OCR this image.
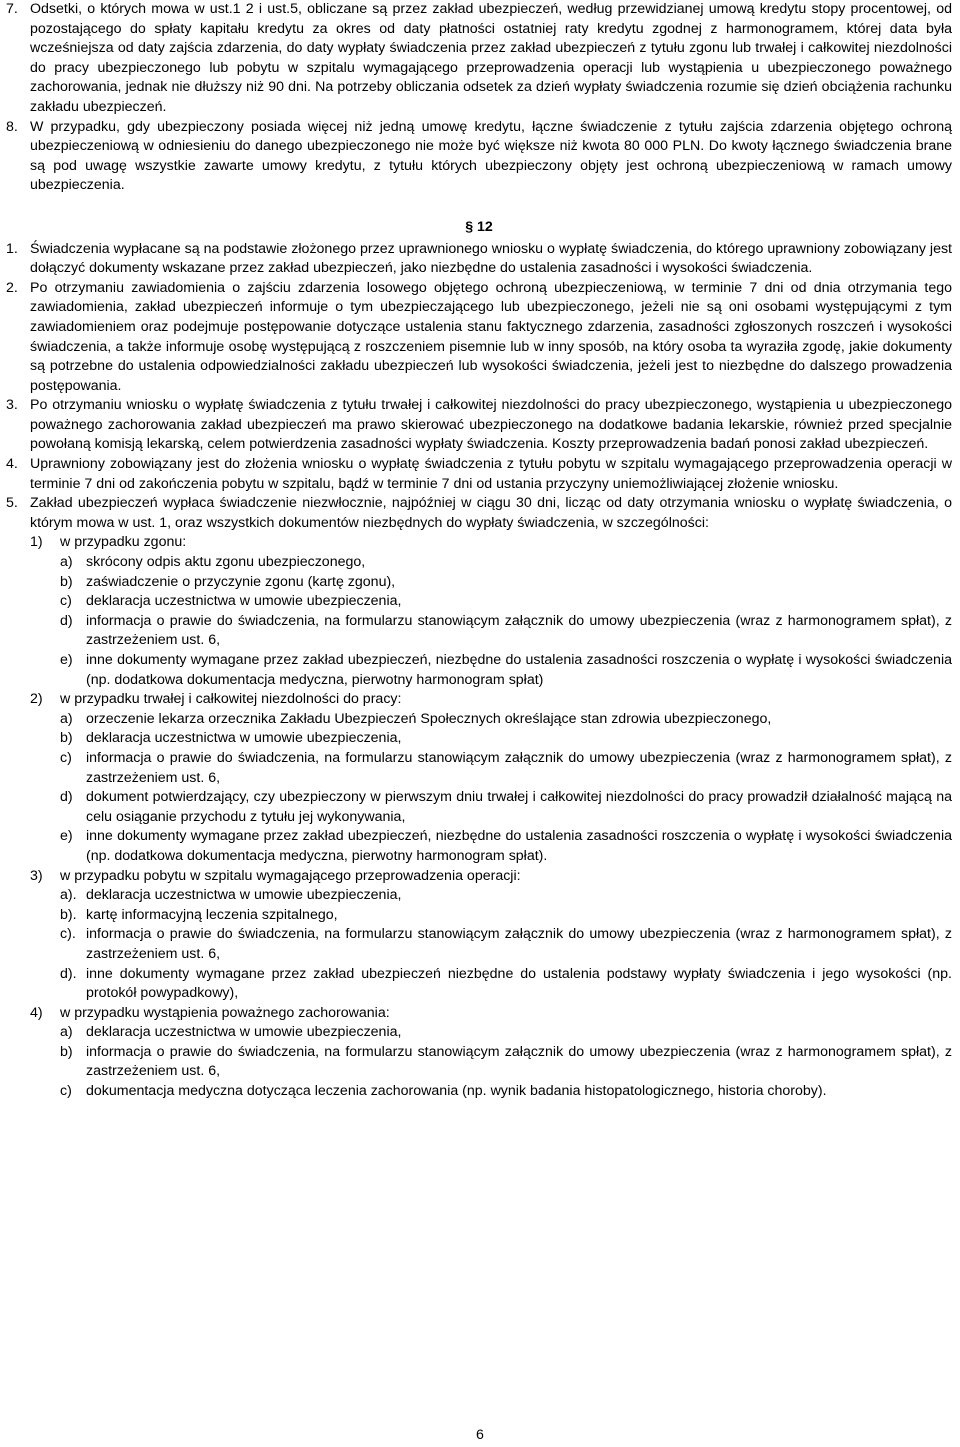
7. Odsetki, o których mowa w ust.1 2 i ust.5, obliczane są przez zakład ubezpieczeń, według przewidzianej umową kredytu stopy procentowej, od pozostającego do spłaty kapitału kredytu za okres od daty płatności ostatniej raty kredytu zgodnej z harmonogramem, której data była wcześniejsza od daty zajścia zdarzenia, do daty wypłaty świadczenia przez zakład ubezpieczeń z tytułu zgonu lub trwałej i całkowitej niezdolności do pracy ubezpieczonego lub pobytu w szpitalu wymagającego przeprowadzenia operacji lub wystąpienia u ubezpieczonego poważnego zachorowania, jednak nie dłuższy niż 90 dni. Na potrzeby obliczania odsetek za dzień wypłaty świadczenia rozumie się dzień obciążenia rachunku zakładu ubezpieczeń.

8. W przypadku, gdy ubezpieczony posiada więcej niż jedną umowę kredytu, łączne świadczenie z tytułu zajścia zdarzenia objętego ochroną ubezpieczeniową w odniesieniu do danego ubezpieczonego nie może być większe niż kwota 80 000 PLN. Do kwoty łącznego świadczenia brane są pod uwagę wszystkie zawarte umowy kredytu, z tytułu których ubezpieczony objęty jest ochroną ubezpieczeniową w ramach umowy ubezpieczenia.

§ 12
1. Świadczenia wypłacane są na podstawie złożonego przez uprawnionego wniosku o wypłatę świadczenia, do którego uprawniony zobowiązany jest dołączyć dokumenty wskazane przez zakład ubezpieczeń, jako niezbędne do ustalenia zasadności i wysokości świadczenia.

2. Po otrzymaniu zawiadomienia o zajściu zdarzenia losowego objętego ochroną ubezpieczeniową, w terminie 7 dni od dnia otrzymania tego zawiadomienia, zakład ubezpieczeń informuje o tym ubezpieczającego lub ubezpieczonego, jeżeli nie są oni osobami występującymi z tym zawiadomieniem oraz podejmuje postępowanie dotyczące ustalenia stanu faktycznego zdarzenia, zasadności zgłoszonych roszczeń i wysokości świadczenia, a także informuje osobę występującą z roszczeniem pisemnie lub w inny sposób, na który osoba ta wyraziła zgodę, jakie dokumenty są potrzebne do ustalenia odpowiedzialności zakładu ubezpieczeń lub wysokości świadczenia, jeżeli jest to niezbędne do dalszego prowadzenia postępowania.

3. Po otrzymaniu wniosku o wypłatę świadczenia z tytułu trwałej i całkowitej niezdolności do pracy ubezpieczonego, wystąpienia u ubezpieczonego poważnego zachorowania zakład ubezpieczeń ma prawo skierować ubezpieczonego na dodatkowe badania lekarskie, również przed specjalnie powołaną komisją lekarską, celem potwierdzenia zasadności wypłaty świadczenia. Koszty przeprowadzenia badań ponosi zakład ubezpieczeń.

4. Uprawniony zobowiązany jest do złożenia wniosku o wypłatę świadczenia z tytułu pobytu w szpitalu wymagającego przeprowadzenia operacji w terminie 7 dni od zakończenia pobytu w szpitalu, bądź w terminie 7 dni od ustania przyczyny uniemożliwiającej złożenie wniosku.

5. Zakład ubezpieczeń wypłaca świadczenie niezwłocznie, najpóźniej w ciągu 30 dni, licząc od daty otrzymania wniosku o wypłatę świadczenia, o którym mowa w ust. 1, oraz wszystkich dokumentów niezbędnych do wypłaty świadczenia, w szczególności:

1)	w przypadku zgonu:

a) skrócony odpis aktu zgonu ubezpieczonego,

b) zaświadczenie o przyczynie zgonu (kartę zgonu),

c) deklaracja uczestnictwa w umowie ubezpieczenia,

d) informacja o prawie do świadczenia, na formularzu stanowiącym załącznik do umowy ubezpieczenia (wraz z harmonogramem spłat), z zastrzeżeniem ust. 6,

e) inne dokumenty wymagane przez zakład ubezpieczeń, niezbędne do ustalenia zasadności roszczenia o wypłatę i wysokości świadczenia (np. dodatkowa dokumentacja medyczna, pierwotny harmonogram spłat)

2)	w przypadku trwałej i całkowitej niezdolności do pracy:

a) orzeczenie lekarza orzecznika Zakładu Ubezpieczeń Społecznych określające stan zdrowia ubezpieczonego,

b) deklaracja uczestnictwa w umowie ubezpieczenia,

c) informacja o prawie do świadczenia, na formularzu stanowiącym załącznik do umowy ubezpieczenia (wraz z harmonogramem spłat), z zastrzeżeniem ust. 6,

d) dokument potwierdzający, czy ubezpieczony w pierwszym dniu trwałej i całkowitej niezdolności do pracy prowadził działalność mającą na celu osiąganie przychodu z tytułu jej wykonywania,

e) inne dokumenty wymagane przez zakład ubezpieczeń, niezbędne do ustalenia zasadności roszczenia o wypłatę i wysokości świadczenia (np. dodatkowa dokumentacja medyczna, pierwotny harmonogram spłat).

3)	w przypadku pobytu w szpitalu wymagającego przeprowadzenia operacji:

a). deklaracja uczestnictwa w umowie ubezpieczenia,

b). kartę informacyjną leczenia szpitalnego,

c). informacja o prawie do świadczenia, na formularzu stanowiącym załącznik do umowy ubezpieczenia (wraz z harmonogramem spłat), z zastrzeżeniem ust. 6,

d). inne dokumenty wymagane przez zakład ubezpieczeń niezbędne do ustalenia podstawy wypłaty świadczenia i jego wysokości (np. protokół powypadkowy),

4)	w przypadku wystąpienia poważnego zachorowania:

a) deklaracja uczestnictwa w umowie ubezpieczenia,

b) informacja o prawie do świadczenia, na formularzu stanowiącym załącznik do umowy ubezpieczenia (wraz z harmonogramem spłat), z zastrzeżeniem ust. 6,

c) dokumentacja medyczna dotycząca leczenia zachorowania (np. wynik badania histopatologicznego, historia choroby).

6
